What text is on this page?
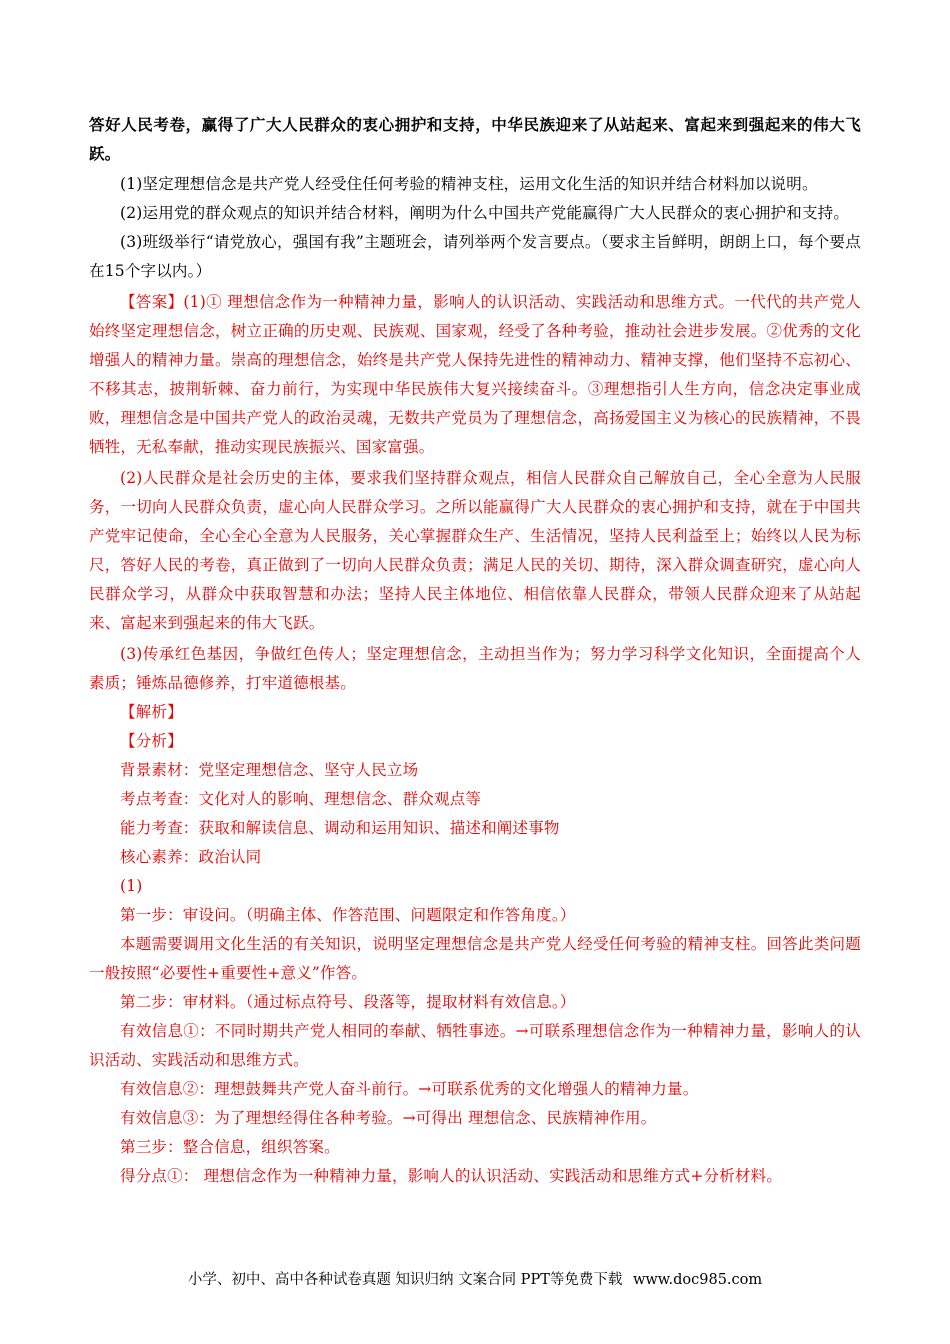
答好人民考卷，赢得了广大人民群众的衷心拥护和支持，中华民族迎来了从站起来、富起来到强起来的伟大飞跃。

(1)坚定理想信念是共产党人经受住任何考验的精神支柱，运用文化生活的知识并结合材料加以说明。

(2)运用党的群众观点的知识并结合材料，阐明为什么中国共产党能赢得广大人民群众的衷心拥护和支持。

(3)班级举行“请党放心，强国有我”主题班会，请列举两个发言要点。（要求主旨鲜明，朗朗上口，每个要点在15个字以内。）

【答案】(1)① 理想信念作为一种精神力量，影响人的认识活动、实践活动和思维方式。一代代的共产党人始终坚定理想信念，树立正确的历史观、民族观、国家观，经受了各种考验，推动社会进步发展。②优秀的文化增强人的精神力量。崇高的理想信念，始终是共产党人保持先进性的精神动力、精神支撑，他们坚持不忘初心、不移其志，披荆斩棘、奋力前行，为实现中华民族伟大复兴接续奋斗。③理想指引人生方向，信念决定事业成败，理想信念是中国共产党人的政治灵魂，无数共产党员为了理想信念，高扬爱国主义为核心的民族精神，不畏牺牲，无私奉献，推动实现民族振兴、国家富强。

(2)人民群众是社会历史的主体，要求我们坚持群众观点，相信人民群众自己解放自己，全心全意为人民服务，一切向人民群众负责，虚心向人民群众学习。之所以能赢得广大人民群众的衷心拥护和支持，就在于中国共产党牢记使命，全心全心全意为人民服务，关心掌握群众生产、生活情况，坚持人民利益至上；始终以人民为标尺，答好人民的考卷，真正做到了一切向人民群众负责；满足人民的关切、期待，深入群众调查研究，虚心向人民群众学习，从群众中获取智慧和办法；坚持人民主体地位、相信依靠人民群众，带领人民群众迎来了从站起来、富起来到强起来的伟大飞跃。

(3)传承红色基因，争做红色传人；坚定理想信念，主动担当作为；努力学习科学文化知识，全面提高个人素质；锤炼品德修养，打牢道德根基。

【解析】

【分析】

背景素材：党坚定理想信念、坚守人民立场

考点考查：文化对人的影响、理想信念、群众观点等

能力考查：获取和解读信息、调动和运用知识、描述和阐述事物

核心素养：政治认同

(1)

第一步：审设问。（明确主体、作答范围、问题限定和作答角度。）

本题需要调用文化生活的有关知识，说明坚定理想信念是共产党人经受任何考验的精神支柱。回答此类问题一般按照“必要性+重要性+意义”作答。

第二步：审材料。（通过标点符号、段落等，提取材料有效信息。）

有效信息①：不同时期共产党人相同的奉献、牺牲事迹。→可联系理想信念作为一种精神力量，影响人的认识活动、实践活动和思维方式。

有效信息②：理想鼓舞共产党人奋斗前行。→可联系优秀的文化增强人的精神力量。

有效信息③：为了理想经得住各种考验。→可得出 理想信念、民族精神作用。

第三步：整合信息，组织答案。

得分点①： 理想信念作为一种精神力量，影响人的认识活动、实践活动和思维方式+分析材料。

小学、初中、高中各种试卷真题 知识归纳 文案合同 PPT等免费下载 www.doc985.com
